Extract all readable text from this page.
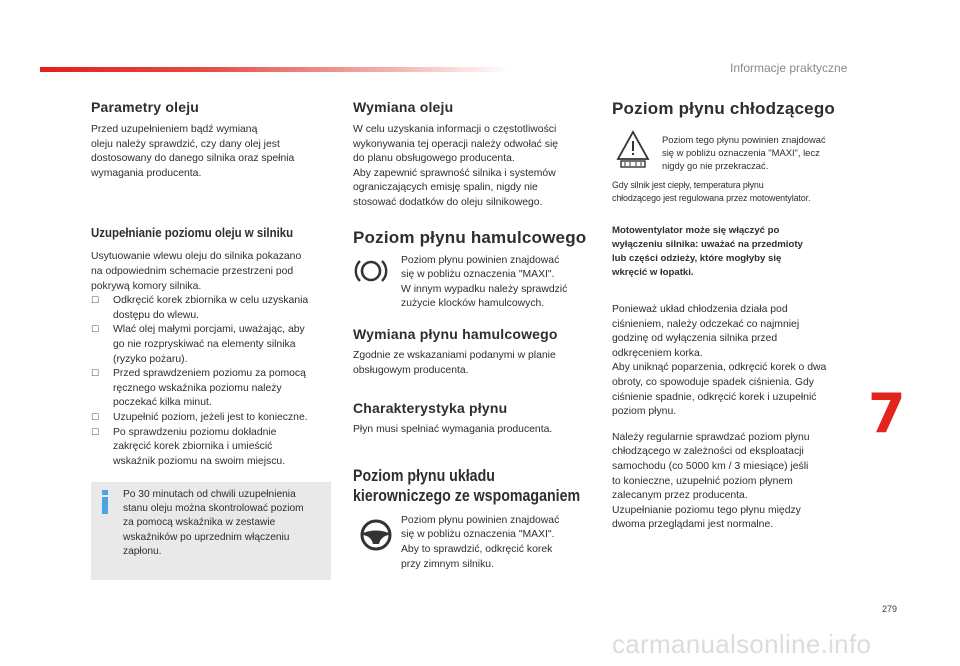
Informacje praktyczne
Parametry oleju

Przed uzupełnieniem bądź wymianą
oleju należy sprawdzić, czy dany olej jest
dostosowany do danego silnika oraz spełnia
wymagania producenta.

Uzupełnianie poziomu oleju w silniku

Usytuowanie wlewu oleju do silnika pokazano
na odpowiednim schemacie przestrzeni pod
pokrywą komory silnika.

☐ Odkręcić korek zbiornika w celu uzyskania
dostępu do wlewu.
☐ Wlać olej małymi porcjami, uważając, aby
go nie rozpryskiwać na elementy silnika
(ryzyko pożaru).
☐ Przed sprawdzeniem poziomu za pomocą
ręcznego wskaźnika poziomu należy
poczekać kilka minut.
☐ Uzupełnić poziom, jeżeli jest to konieczne.
☐ Po sprawdzeniu poziomu dokładnie
zakręcić korek zbiornika i umieścić
wskaźnik poziomu na swoim miejscu.

Po 30 minutach od chwili uzupełnienia
stanu oleju można skontrolować poziom
za pomocą wskaźnika w zestawie
wskaźników po uprzednim włączeniu
zapłonu.

Wymiana oleju

W celu uzyskania informacji o częstotliwości
wykonywania tej operacji należy odwołać się
do planu obsługowego producenta.
Aby zapewnić sprawność silnika i systemów
ograniczających emisję spalin, nigdy nie
stosować dodatków do oleju silnikowego.

Poziom płynu hamulcowego

Poziom płynu powinien znajdować
się w pobliżu oznaczenia "MAXI".
W innym wypadku należy sprawdzić
zużycie klocków hamulcowych.

Wymiana płynu hamulcowego

Zgodnie ze wskazaniami podanymi w planie
obsługowym producenta.

Charakterystyka płynu

Płyn musi spełniać wymagania producenta.

Poziom płynu układu
kierowniczego ze wspomaganiem

Poziom płynu powinien znajdować
się w pobliżu oznaczenia "MAXI".
Aby to sprawdzić, odkręcić korek
przy zimnym silniku.

Poziom płynu chłodzącego

Poziom tego płynu powinien znajdować
się w pobliżu oznaczenia "MAXI", lecz
nigdy go nie przekraczać.

Gdy silnik jest ciepły, temperatura płynu
chłodzącego jest regulowana przez motowentylator.

Motowentylator może się włączyć po
wyłączeniu silnika: uważać na przedmioty
lub części odzieży, które mogłyby się
wkręcić w łopatki.

Ponieważ układ chłodzenia działa pod
ciśnieniem, należy odczekać co najmniej
godzinę od wyłączenia silnika przed
odkręceniem korka.
Aby uniknąć poparzenia, odkręcić korek o dwa
obroty, co spowoduje spadek ciśnienia. Gdy
ciśnienie spadnie, odkręcić korek i uzupełnić
poziom płynu.

Należy regularnie sprawdzać poziom płynu
chłodzącego w zależności od eksploatacji
samochodu (co 5000 km / 3 miesiące) jeśli
to konieczne, uzupełnić poziom płynem
zalecanym przez producenta.
Uzupełnianie poziomu tego płynu między
dwoma przeglądami jest normalne.

7
279
carmanualsonline.info
